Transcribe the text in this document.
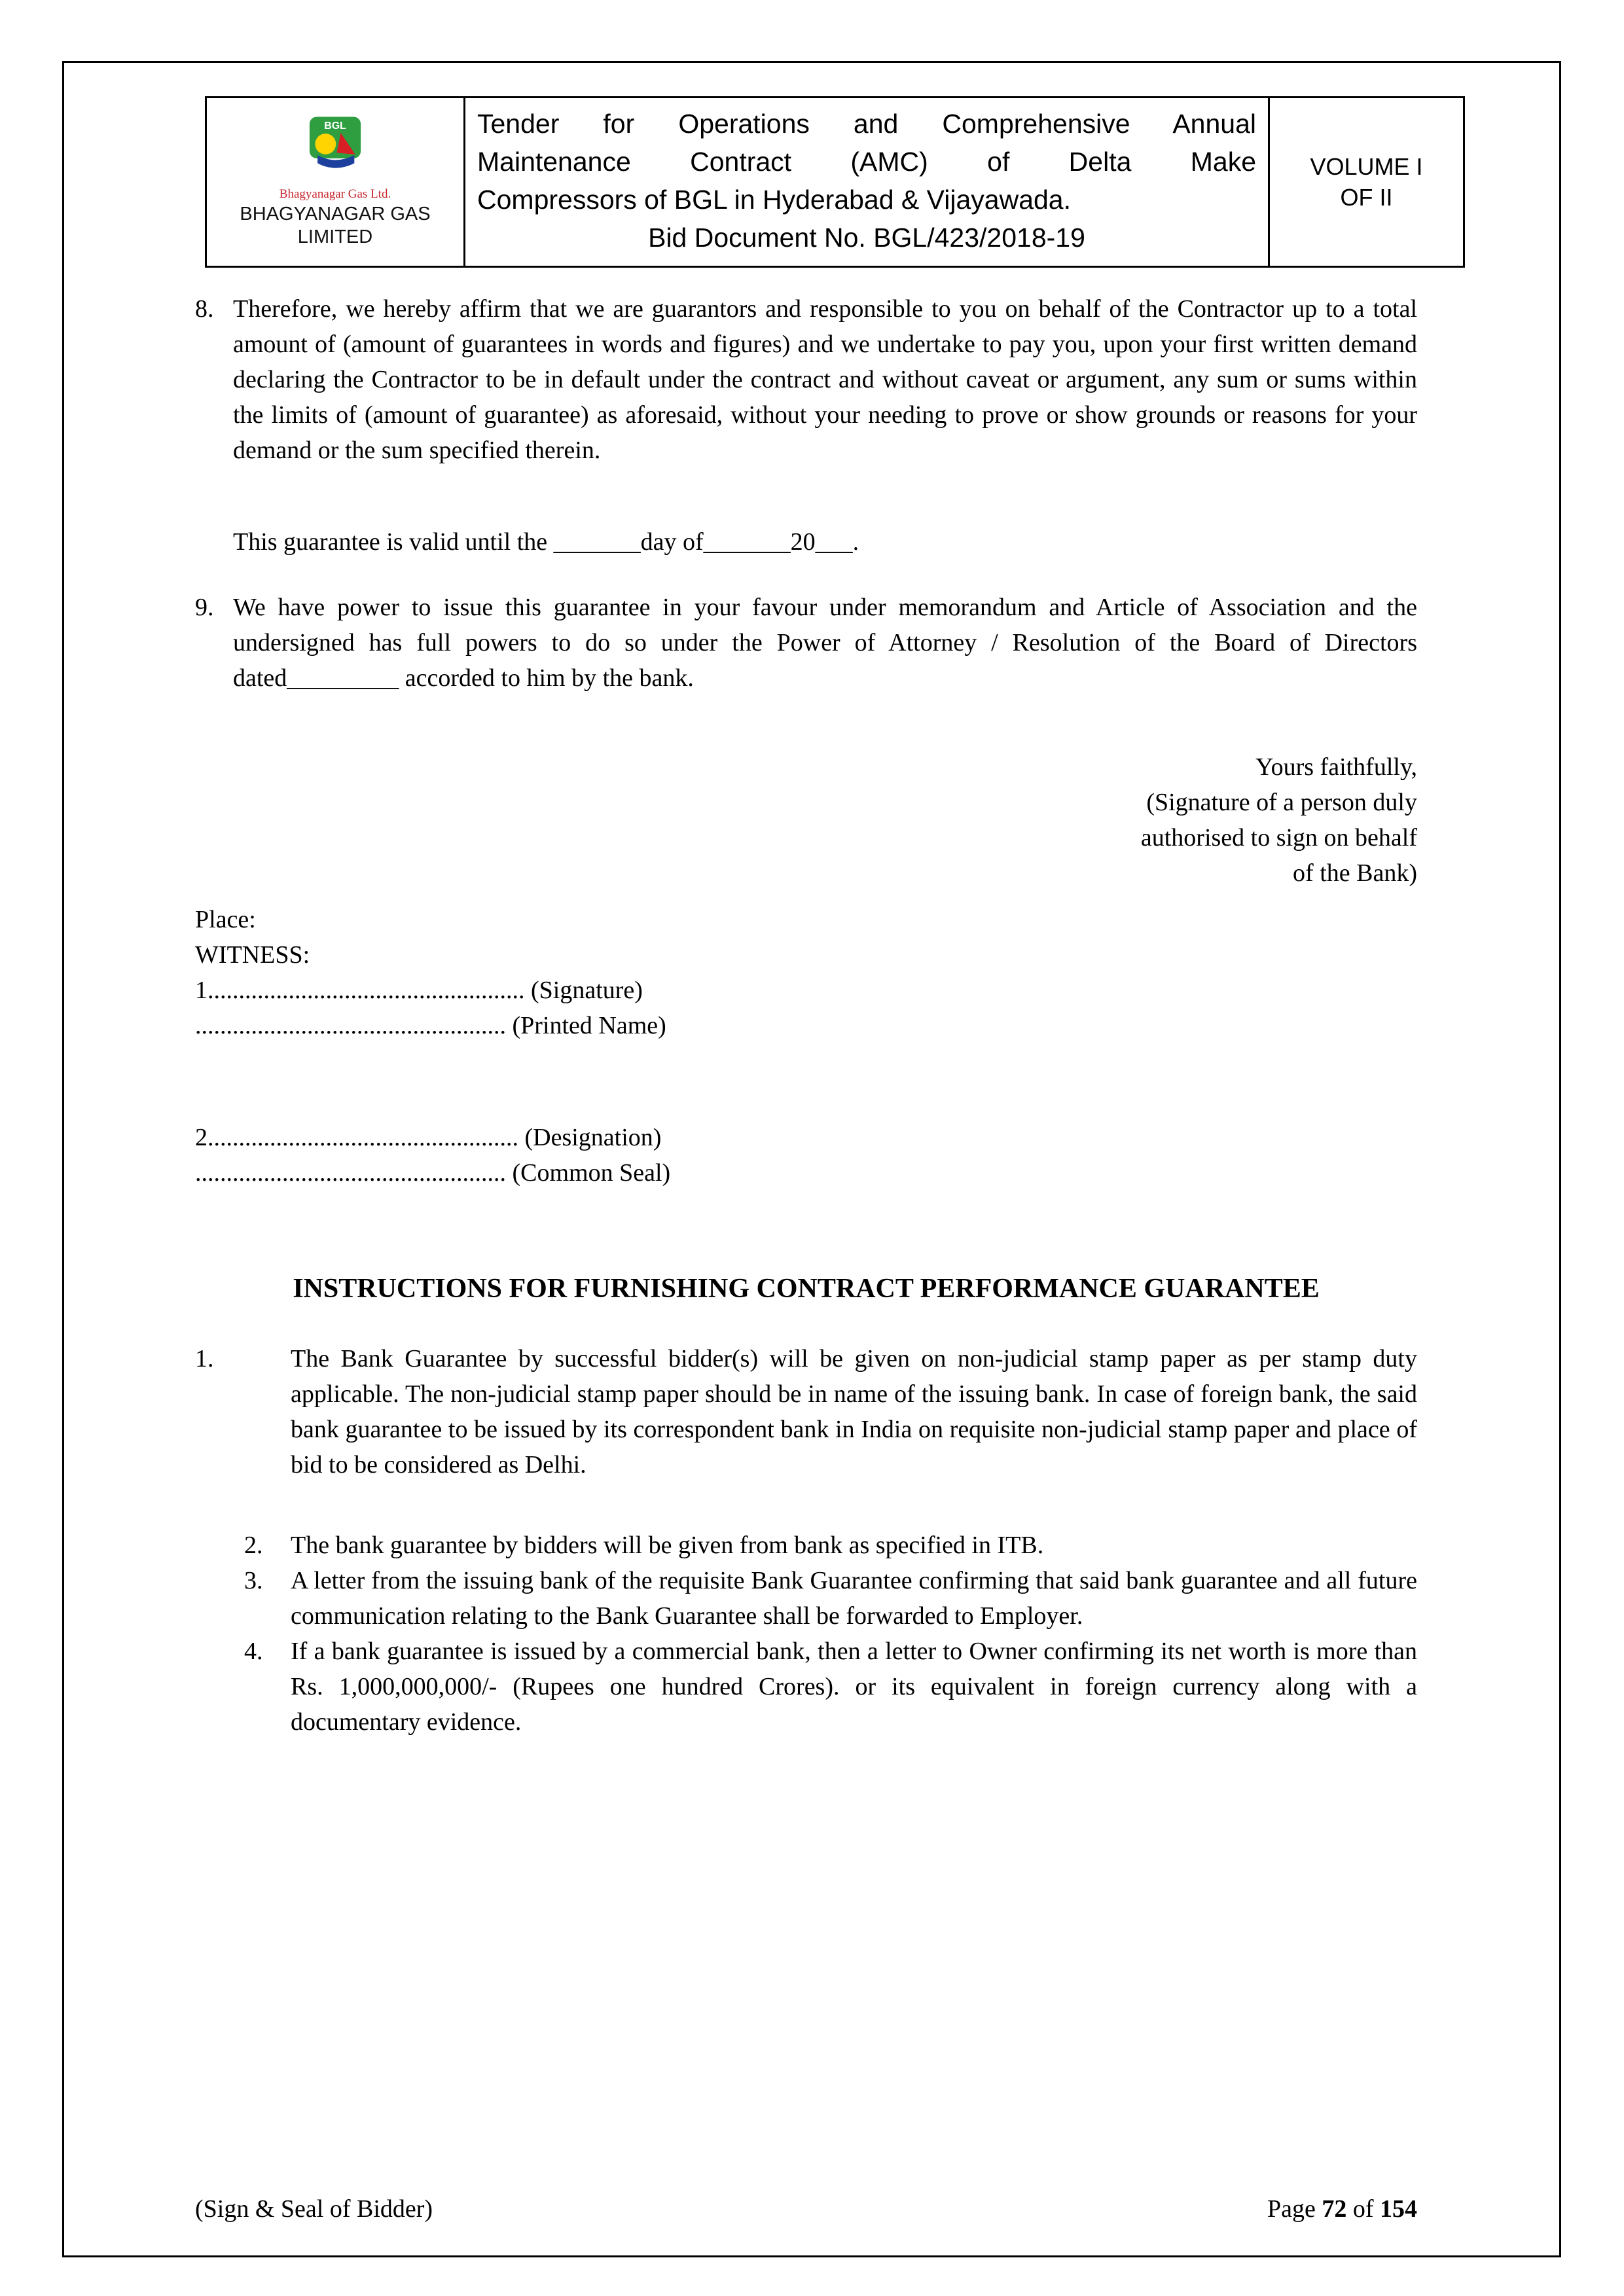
BGL
Bhagyanagar Gas Ltd.
BHAGYANAGAR GAS LIMITED
Tender for Operations and Comprehensive Annual
Maintenance Contract (AMC) of Delta Make
Compressors of BGL in Hyderabad & Vijayawada.
Bid Document No. BGL/423/2018-19
VOLUME I
OF II
8. Therefore, we hereby affirm that we are guarantors and responsible to you on behalf of the Contractor up to a total amount of (amount of guarantees in words and figures) and we undertake to pay you, upon your first written demand declaring the Contractor to be in default under the contract and without caveat or argument, any sum or sums within the limits of (amount of guarantee) as aforesaid, without your needing to prove or show grounds or reasons for your demand or the sum specified therein.
This guarantee is valid until the _______day of_______20___.
9. We have power to issue this guarantee in your favour under memorandum and Article of Association and the undersigned has full powers to do so under the Power of Attorney / Resolution of the Board of Directors dated_________ accorded to him by the bank.
Yours faithfully,
(Signature of a person duly
authorised to sign on behalf
of the Bank)
Place:
WITNESS:
1................................................... (Signature)
.................................................. (Printed Name)
2.................................................. (Designation)
.................................................. (Common Seal)
INSTRUCTIONS FOR FURNISHING CONTRACT PERFORMANCE GUARANTEE
1.	The Bank Guarantee by successful bidder(s) will be given on non-judicial stamp paper as per stamp duty applicable. The non-judicial stamp paper should be in name of the issuing bank. In case of foreign bank, the said bank guarantee to be issued by its correspondent bank in India on requisite non-judicial stamp paper and place of bid to be considered as Delhi.
2. The bank guarantee by bidders will be given from bank as specified in ITB.
3. A letter from the issuing bank of the requisite Bank Guarantee confirming that said bank guarantee and all future communication relating to the Bank Guarantee shall be forwarded to Employer.
4. If a bank guarantee is issued by a commercial bank, then a letter to Owner confirming its net worth is more than Rs. 1,000,000,000/- (Rupees one hundred Crores). or its equivalent in foreign currency along with a documentary evidence.
(Sign & Seal of Bidder)	Page 72 of 154
